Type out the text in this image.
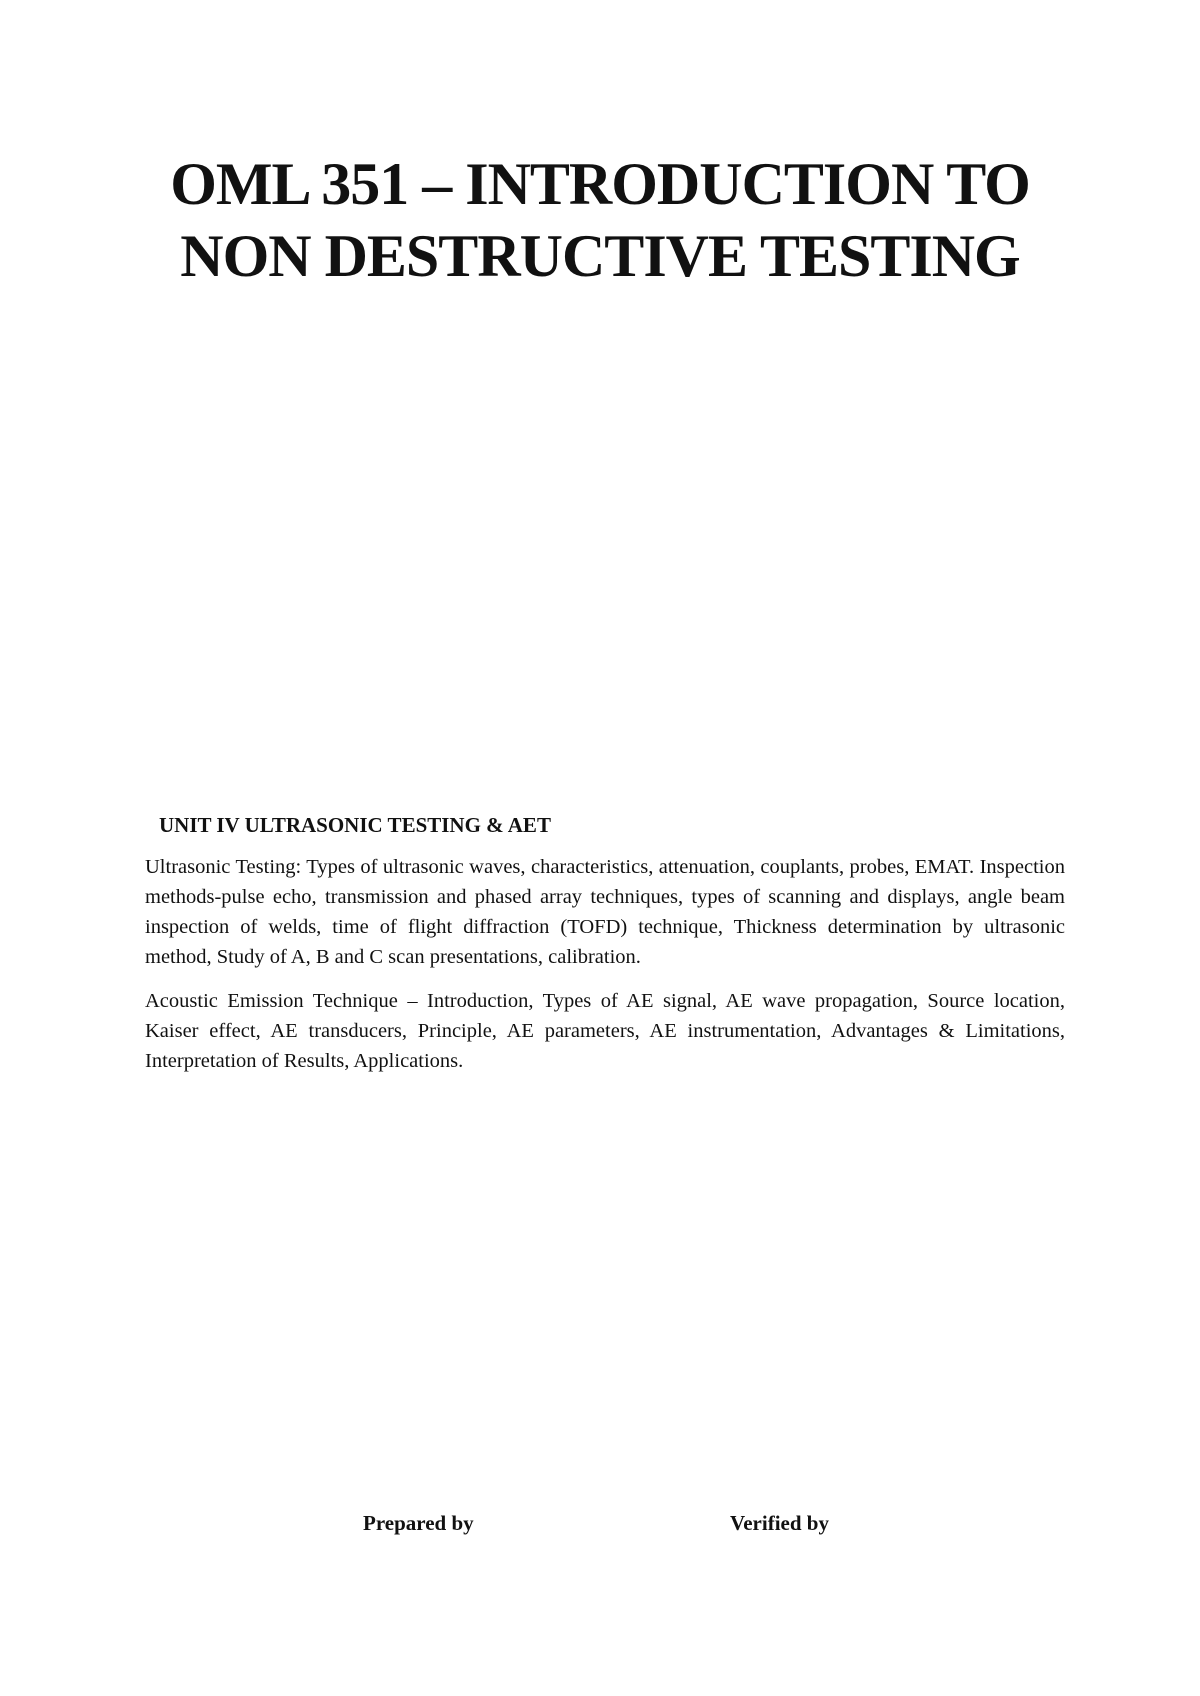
OML 351 – INTRODUCTION TO
NON DESTRUCTIVE TESTING

UNIT IV ULTRASONIC TESTING & AET

Ultrasonic Testing: Types of ultrasonic waves, characteristics, attenuation, couplants, probes, EMAT. Inspection methods-pulse echo, transmission and phased array techniques, types of scanning and displays, angle beam inspection of welds, time of flight diffraction (TOFD) technique, Thickness determination by ultrasonic method, Study of A, B and C scan presentations, calibration.

Acoustic Emission Technique – Introduction, Types of AE signal, AE wave propagation, Source location, Kaiser effect, AE transducers, Principle, AE parameters, AE instrumentation, Advantages & Limitations, Interpretation of Results, Applications.

Prepared by	Verified by
